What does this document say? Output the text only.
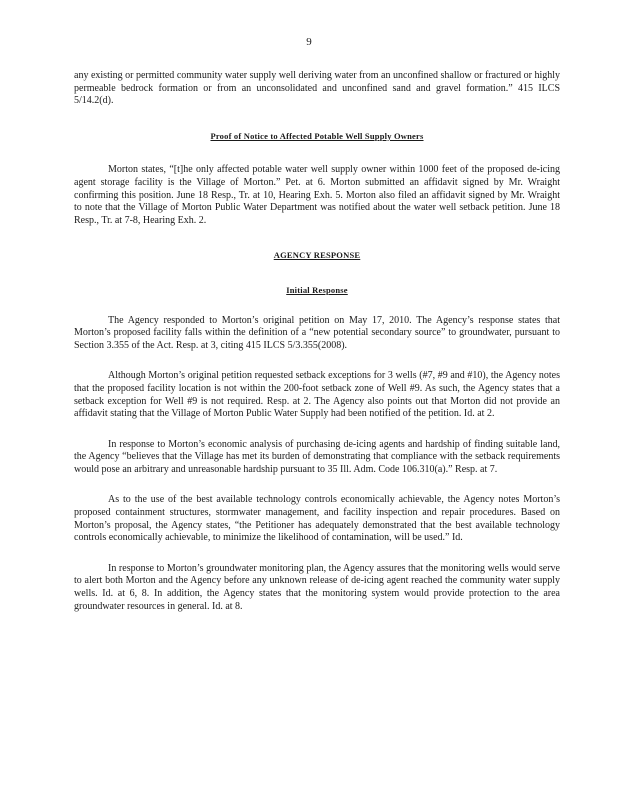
9

any existing or permitted community water supply well deriving water from an unconfined shallow or fractured or highly permeable bedrock formation or from an unconsolidated and unconfined sand and gravel formation.” 415 ILCS 5/14.2(d).

Proof of Notice to Affected Potable Well Supply Owners

Morton states, “[t]he only affected potable water well supply owner within 1000 feet of the proposed de-icing agent storage facility is the Village of Morton.” Pet. at 6. Morton submitted an affidavit signed by Mr. Wraight confirming this position. June 18 Resp., Tr. at 10, Hearing Exh. 5. Morton also filed an affidavit signed by Mr. Wraight to note that the Village of Morton Public Water Department was notified about the water well setback petition. June 18 Resp., Tr. at 7-8, Hearing Exh. 2.

AGENCY RESPONSE
Initial Response

The Agency responded to Morton’s original petition on May 17, 2010. The Agency’s response states that Morton’s proposed facility falls within the definition of a “new potential secondary source” to groundwater, pursuant to Section 3.355 of the Act. Resp. at 3, citing 415 ILCS 5/3.355(2008).

Although Morton’s original petition requested setback exceptions for 3 wells (#7, #9 and #10), the Agency notes that the proposed facility location is not within the 200-foot setback zone of Well #9. As such, the Agency states that a setback exception for Well #9 is not required. Resp. at 2. The Agency also points out that Morton did not provide an affidavit stating that the Village of Morton Public Water Supply had been notified of the petition. Id. at 2.

In response to Morton’s economic analysis of purchasing de-icing agents and hardship of finding suitable land, the Agency “believes that the Village has met its burden of demonstrating that compliance with the setback requirements would pose an arbitrary and unreasonable hardship pursuant to 35 Ill. Adm. Code 106.310(a).” Resp. at 7.

As to the use of the best available technology controls economically achievable, the Agency notes Morton’s proposed containment structures, stormwater management, and facility inspection and repair procedures. Based on Morton’s proposal, the Agency states, “the Petitioner has adequately demonstrated that the best available technology controls economically achievable, to minimize the likelihood of contamination, will be used.” Id.

In response to Morton’s groundwater monitoring plan, the Agency assures that the monitoring wells would serve to alert both Morton and the Agency before any unknown release of de-icing agent reached the community water supply wells. Id. at 6, 8. In addition, the Agency states that the monitoring system would provide protection to the area groundwater resources in general. Id. at 8.
